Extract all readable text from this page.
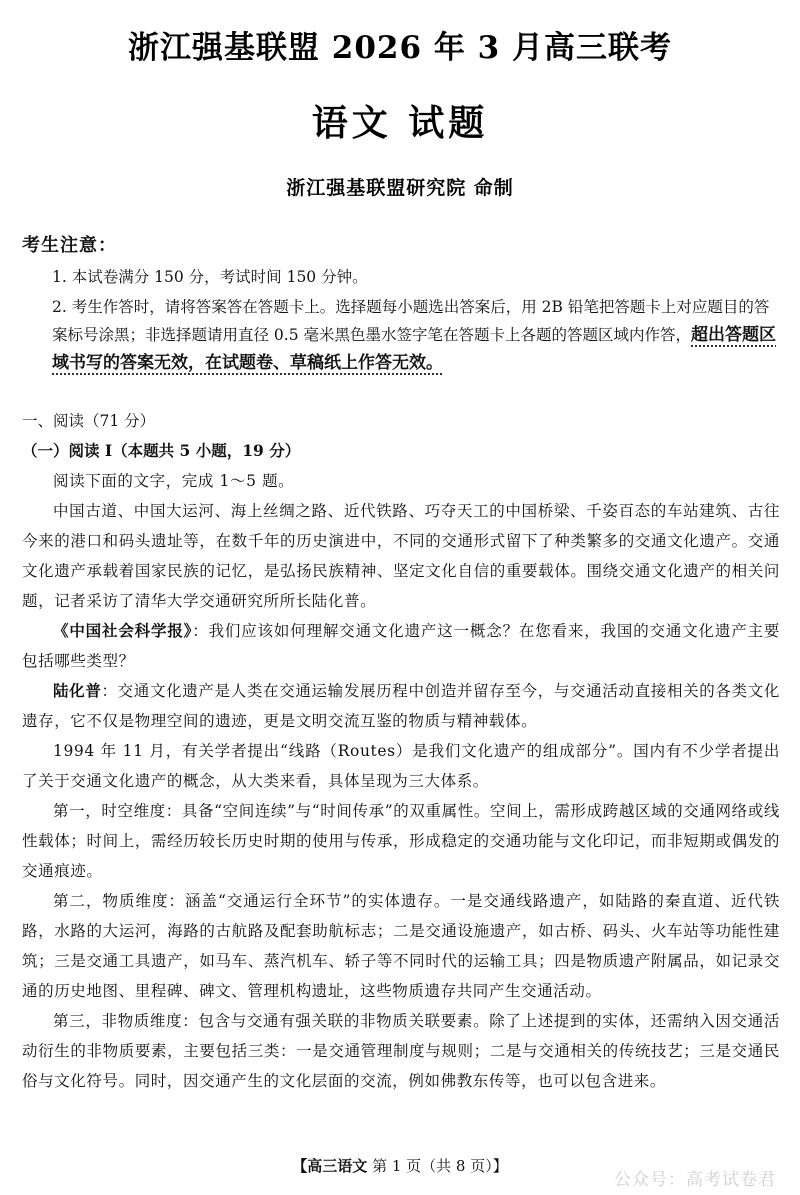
浙江强基联盟 2026 年 3 月高三联考
语文 试题
浙江强基联盟研究院 命制
考生注意：
1. 本试卷满分 150 分，考试时间 150 分钟。
2. 考生作答时，请将答案答在答题卡上。选择题每小题选出答案后，用 2B 铅笔把答题卡上对应题目的答案标号涂黑；非选择题请用直径 0.5 毫米黑色墨水签字笔在答题卡上各题的答题区域内作答，超出答题区域书写的答案无效，在试题卷、草稿纸上作答无效。
一、阅读（71 分）
（一）阅读 Ⅰ（本题共 5 小题，19 分）

阅读下面的文字，完成 1～5 题。

中国古道、中国大运河、海上丝绸之路、近代铁路、巧夺天工的中国桥梁、千姿百态的车站建筑、古往今来的港口和码头遗址等，在数千年的历史演进中，不同的交通形式留下了种类繁多的交通文化遗产。交通文化遗产承载着国家民族的记忆，是弘扬民族精神、坚定文化自信的重要载体。围绕交通文化遗产的相关问题，记者采访了清华大学交通研究所所长陆化普。

《中国社会科学报》：我们应该如何理解交通文化遗产这一概念？在您看来，我国的交通文化遗产主要包括哪些类型？

陆化普：交通文化遗产是人类在交通运输发展历程中创造并留存至今，与交通活动直接相关的各类文化遗存，它不仅是物理空间的遗迹，更是文明交流互鉴的物质与精神载体。

1994 年 11 月，有关学者提出“线路（Routes）是我们文化遗产的组成部分”。国内有不少学者提出了关于交通文化遗产的概念，从大类来看，具体呈现为三大体系。

第一，时空维度：具备“空间连续”与“时间传承”的双重属性。空间上，需形成跨越区域的交通网络或线性载体；时间上，需经历较长历史时期的使用与传承，形成稳定的交通功能与文化印记，而非短期或偶发的交通痕迹。

第二，物质维度：涵盖“交通运行全环节”的实体遗存。一是交通线路遗产，如陆路的秦直道、近代铁路，水路的大运河，海路的古航路及配套助航标志；二是交通设施遗产，如古桥、码头、火车站等功能性建筑；三是交通工具遗产，如马车、蒸汽机车、轿子等不同时代的运输工具；四是物质遗产附属品，如记录交通的历史地图、里程碑、碑文、管理机构遗址，这些物质遗存共同产生交通活动。

第三，非物质维度：包含与交通有强关联的非物质关联要素。除了上述提到的实体，还需纳入因交通活动衍生的非物质要素，主要包括三类：一是交通管理制度与规则；二是与交通相关的传统技艺；三是交通民俗与文化符号。同时，因交通产生的文化层面的交流，例如佛教东传等，也可以包含进来。

【高三语文 第 1 页（共 8 页）】
公众号：高考试卷君
